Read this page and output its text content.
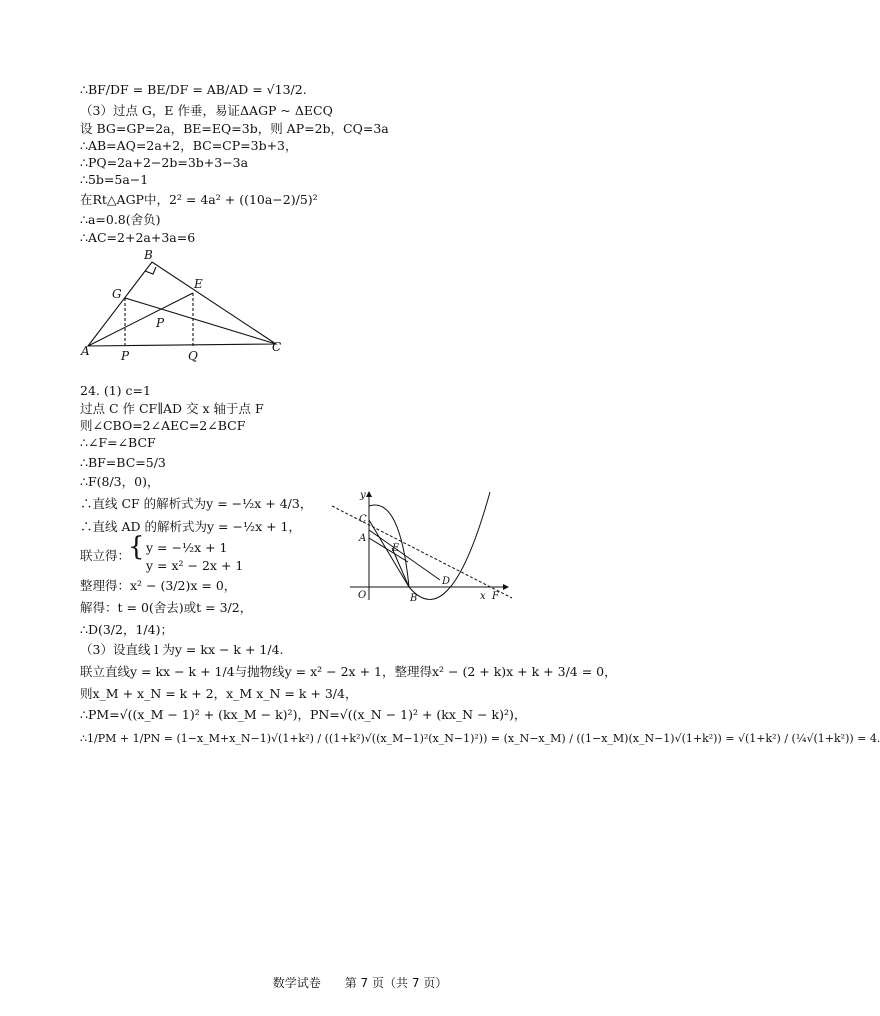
∴BF/DF = BE/DF = AB/AD = √13/2.
（3）过点 G，E 作垂，易证ΔAGP ~ ΔECQ
设 BG=GP=2a，BE=EQ=3b，则 AP=2b，CQ=3a
∴AB=AQ=2a+2，BC=CP=3b+3，
∴PQ=2a+2−2b=3b+3−3a
∴5b=5a−1
在Rt△AGP中，2² = 4a² + ((10a−2)/5)²
∴a=0.8(舍负)
∴AC=2+2a+3a=6
24. (1) c=1
过点 C 作 CF∥AD 交 x 轴于点 F
则∠CBO=2∠AEC=2∠BCF
∴∠F=∠BCF
∴BF=BC=5/3
∴F(8/3，0)，
∴直线 CF 的解析式为y = −½x + 4/3，
∴直线 AD 的解析式为y = −½x + 1，
联立得：
{ y = −½x + 1
y = x² − 2x + 1
整理得：x² − (3/2)x = 0，
解得：t = 0(舍去)或t = 3/2，
∴D(3/2，1/4)；
（3）设直线 l 为y = kx − k + 1/4.
联立直线y = kx − k + 1/4与抛物线y = x² − 2x + 1，整理得x² − (2 + k)x + k + 3/4 = 0，
则x_M + x_N = k + 2，x_M x_N = k + 3/4，
∴PM=√((x_M − 1)² + (kx_M − k)²)，PN=√((x_N − 1)² + (kx_N − k)²)，
∴1/PM + 1/PN = (1−x_M+x_N−1)√(1+k²) / ((1+k²)√((x_M−1)²(x_N−1)²)) = (x_N−x_M) / ((1−x_M)(x_N−1)√(1+k²)) = √(1+k²) / (¼√(1+k²)) = 4.
B
G
E
P
A	P	Q
C
y
x
O
C
A
E
B
D
F
数学试卷　　第 7 页（共 7 页）
